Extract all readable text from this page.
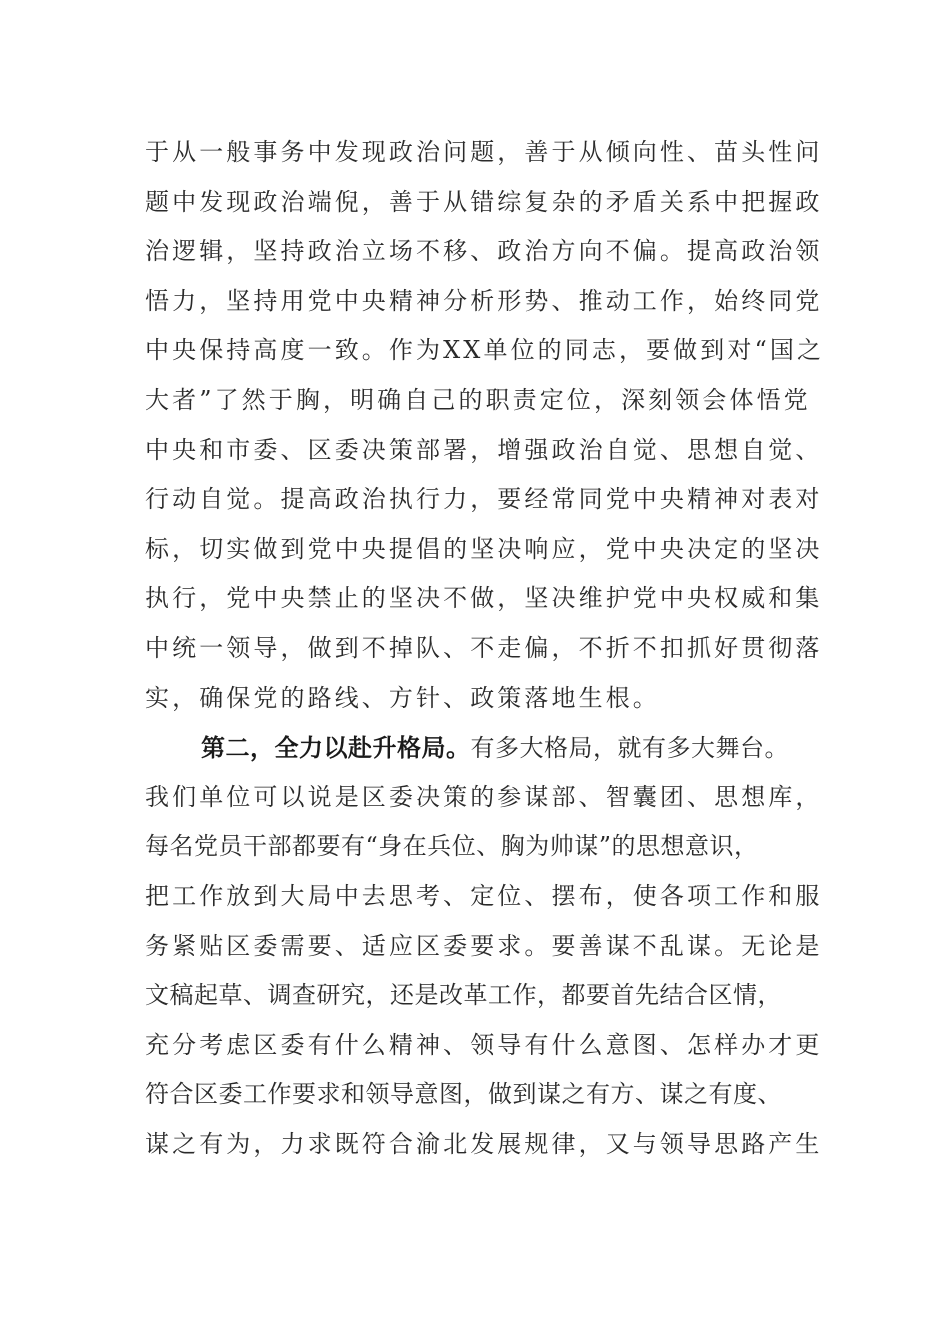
于从一般事务中发现政治问题，善于从倾向性、苗头性问
题中发现政治端倪，善于从错综复杂的矛盾关系中把握政
治逻辑，坚持政治立场不移、政治方向不偏。提高政治领
悟力，坚持用党中央精神分析形势、推动工作，始终同党
中央保持高度一致。作为XX单位的同志，要做到对“国之
大者”了然于胸，明确自己的职责定位，深刻领会体悟党
中央和市委、区委决策部署，增强政治自觉、思想自觉、
行动自觉。提高政治执行力，要经常同党中央精神对表对
标，切实做到党中央提倡的坚决响应，党中央决定的坚决
执行，党中央禁止的坚决不做，坚决维护党中央权威和集
中统一领导，做到不掉队、不走偏，不折不扣抓好贯彻落
实，确保党的路线、方针、政策落地生根。
第二，全力以赴升格局。有多大格局，就有多大舞台。
我们单位可以说是区委决策的参谋部、智囊团、思想库，
每名党员干部都要有“身在兵位、胸为帅谋”的思想意识，
把工作放到大局中去思考、定位、摆布，使各项工作和服
务紧贴区委需要、适应区委要求。要善谋不乱谋。无论是
文稿起草、调查研究，还是改革工作，都要首先结合区情，
充分考虑区委有什么精神、领导有什么意图、怎样办才更
符合区委工作要求和领导意图，做到谋之有方、谋之有度、
谋之有为，力求既符合渝北发展规律，又与领导思路产生
